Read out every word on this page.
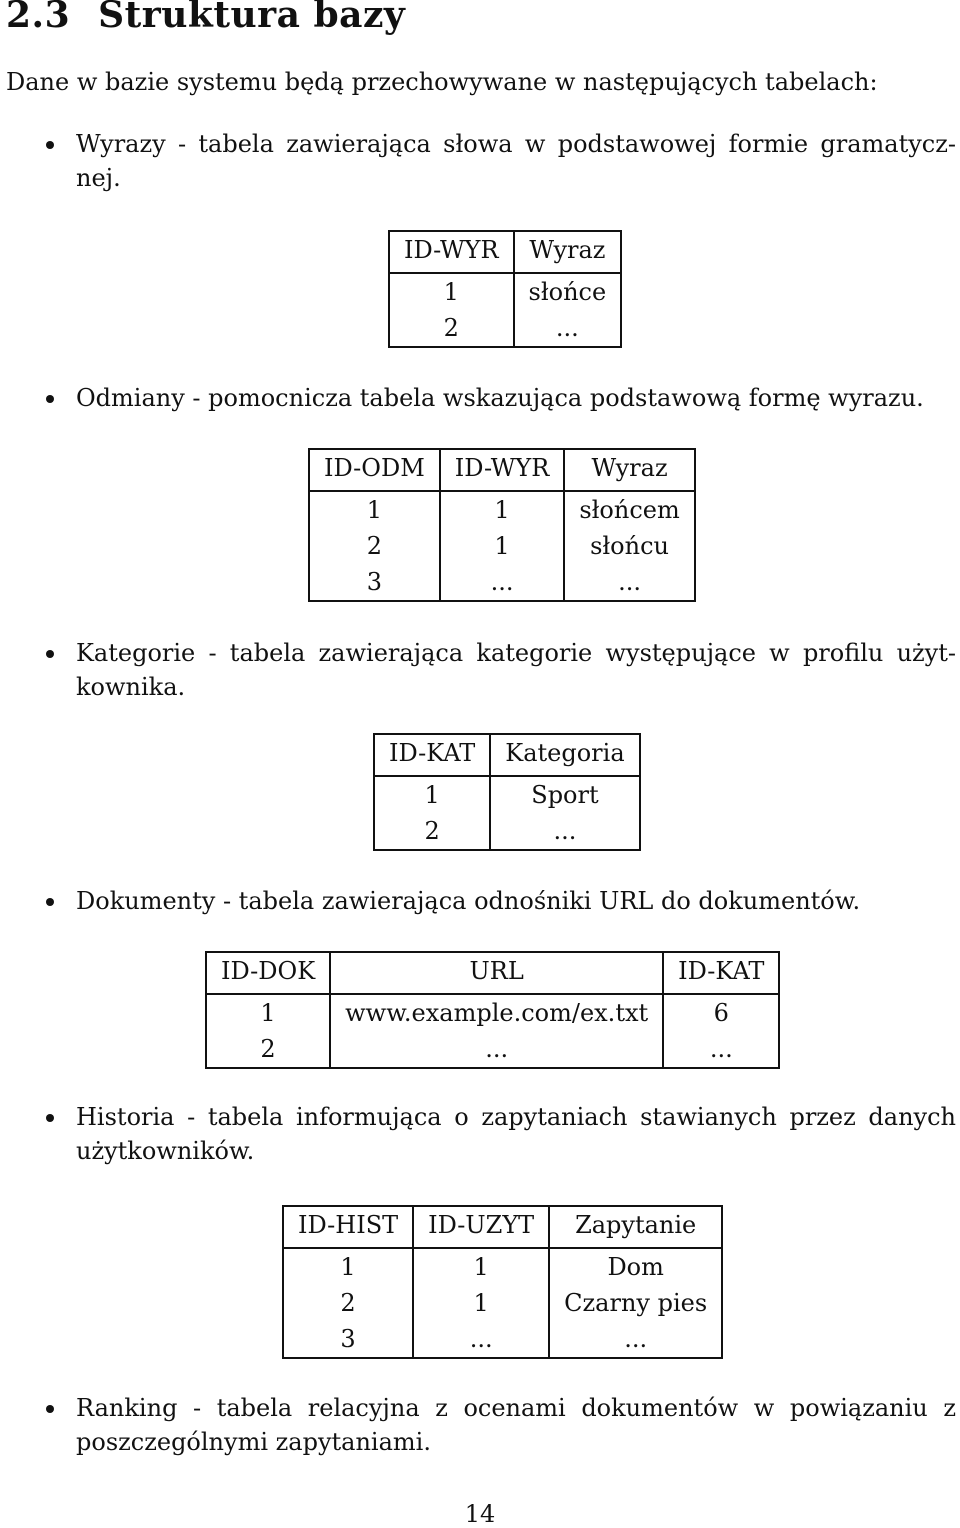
2.3 Struktura bazy
Dane w bazie systemu będą przechowywane w następujących tabelach:
Wyrazy - tabela zawierająca słowa w podstawowej formie gramatycz-
nej.
ID-WYR	Wyraz

1	słońce
2	...
Odmiany - pomocnicza tabela wskazująca podstawową formę wyrazu.
ID-ODM	ID-WYR	Wyraz

1	1	słońcem
2	1	słońcu
3	...	...
Kategorie - tabela zawierająca kategorie występujące w profilu użyt-
kownika.
ID-KAT	Kategoria

1	Sport
2	...
Dokumenty - tabela zawierająca odnośniki URL do dokumentów.
ID-DOK	URL	ID-KAT

1	www.example.com/ex.txt	6
2	...	...
Historia - tabela informująca o zapytaniach stawianych przez danych
użytkowników.
ID-HIST	ID-UZYT	Zapytanie

1	1	Dom
2	1	Czarny pies
3	...	...
Ranking - tabela relacyjna z ocenami dokumentów w powiązaniu z
poszczególnymi zapytaniami.
14
